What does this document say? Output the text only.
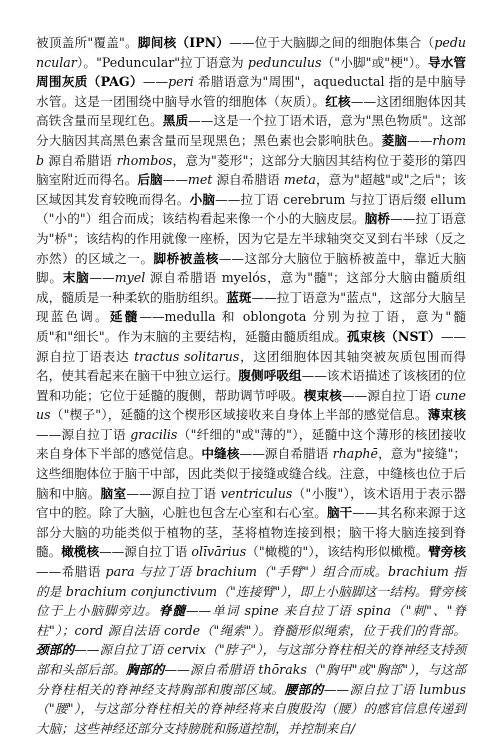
被顶盖所"覆盖"。脚间核（IPN）——位于大脑脚之间的细胞体集合（peduncular）。"Peduncular"拉丁语意为 pedunculus（"小脚"或"梗"）。导水管周围灰质（PAG）——peri 希腊语意为"周围"，aqueductal 指的是中脑导水管。这是一团围绕中脑导水管的细胞体（灰质）。红核——这团细胞体因其高铁含量而呈现红色。黑质——这是一个拉丁语术语，意为"黑色物质"。这部分大脑因其高黑色素含量而呈现黑色；黑色素也会影响肤色。菱脑——rhomb 源自希腊语 rhombos，意为"菱形"；这部分大脑因其结构位于菱形的第四脑室附近而得名。后脑——met 源自希腊语 meta，意为"超越"或"之后"；该区域因其发育较晚而得名。小脑——拉丁语 cerebrum 与拉丁语后缀 ellum（"小的"）组合而成；该结构看起来像一个小的大脑皮层。脑桥——拉丁语意为"桥"；该结构的作用就像一座桥，因为它是左半球轴突交叉到右半球（反之亦然）的区域之一。脚桥被盖核——这部分大脑位于脑桥被盖中，靠近大脑脚。末脑——myel 源自希腊语 myelós，意为"髓"；这部分大脑由髓质组成，髓质是一种柔软的脂肪组织。蓝斑——拉丁语意为"蓝点"，这部分大脑呈现蓝色调。延髓——medulla 和 oblongota 分别为拉丁语，意为"髓质"和"细长"。作为末脑的主要结构，延髓由髓质组成。孤束核（NST）——源自拉丁语表达 tractus solitarus，这团细胞体因其轴突被灰质包围而得名，使其看起来在脑干中独立运行。腹侧呼吸组——该术语描述了该核团的位置和功能；它位于延髓的腹侧，帮助调节呼吸。楔束核——源自拉丁语 cuneus（"楔子"），延髓的这个楔形区域接收来自身体上半部的感觉信息。薄束核——源自拉丁语 gracilis（"纤细的"或"薄的"），延髓中这个薄形的核团接收来自身体下半部的感觉信息。中缝核——源自希腊语 rhaphē，意为"接缝"；这些细胞体位于脑干中部，因此类似于接缝或缝合线。注意，中缝核也位于后脑和中脑。脑室——源自拉丁语 ventriculus（"小腹"），该术语用于表示器官中的腔。除了大脑，心脏也包含左心室和右心室。脑干——其名称来源于这部分大脑的功能类似于植物的茎，茎将植物连接到根；脑干将大脑连接到脊髓。橄榄核——源自拉丁语 olīvārius（"橄榄的"），该结构形似橄榄。臂旁核——希腊语 para 与拉丁语 brachium（"手臂"）组合而成。brachium 指的是 brachium conjunctivum（"连接臂"），即上小脑脚这一结构。臂旁核位于上小脑脚旁边。脊髓——单词 spine 来自拉丁语 spina（"刺"、"脊柱"）；cord 源自法语 corde（"绳索"）。脊髓形似绳索，位于我们的背部。颈部的——源自拉丁语 cervix（"脖子"），与这部分脊柱相关的脊神经支持颈部和头部后部。胸部的——源自希腊语 thōraks（"胸甲"或"胸部"），与这部分脊柱相关的脊神经支持胸部和腹部区域。腰部的——源自拉丁语 lumbus（"腰"），与这部分脊柱相关的脊神经将来自腹股沟（腰）的感官信息传递到大脑；这些神经还部分支持膀胱和肠道控制，并控制来自/
